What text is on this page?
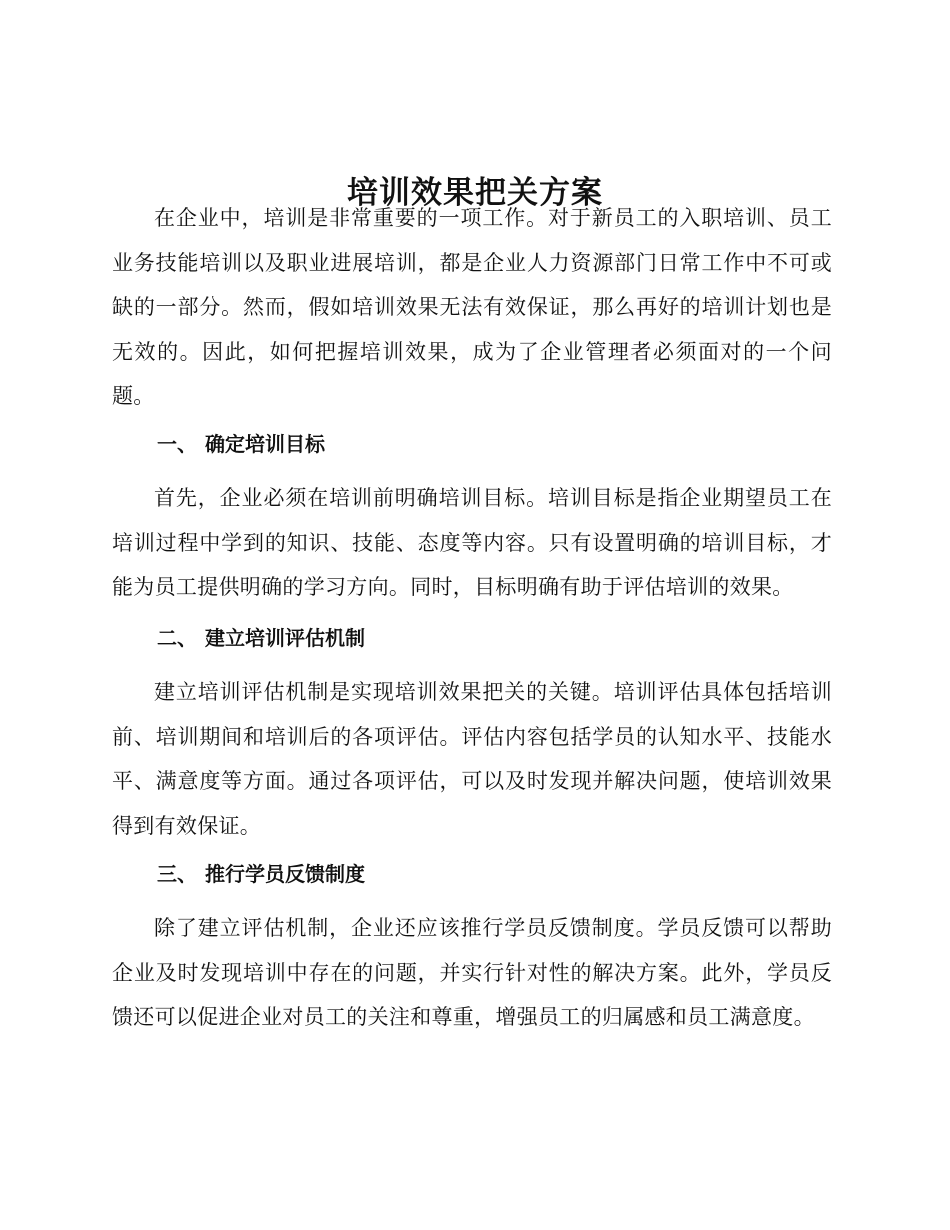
培训效果把关方案

在企业中，培训是非常重要的一项工作。对于新员工的入职培训、员工业务技能培训以及职业进展培训，都是企业人力资源部门日常工作中不可或缺的一部分。然而，假如培训效果无法有效保证，那么再好的培训计划也是无效的。因此，如何把握培训效果，成为了企业管理者必须面对的一个问题。

一、 确定培训目标

首先，企业必须在培训前明确培训目标。培训目标是指企业期望员工在培训过程中学到的知识、技能、态度等内容。只有设置明确的培训目标，才能为员工提供明确的学习方向。同时，目标明确有助于评估培训的效果。

二、 建立培训评估机制

建立培训评估机制是实现培训效果把关的关键。培训评估具体包括培训前、培训期间和培训后的各项评估。评估内容包括学员的认知水平、技能水平、满意度等方面。通过各项评估，可以及时发现并解决问题，使培训效果得到有效保证。

三、 推行学员反馈制度

除了建立评估机制，企业还应该推行学员反馈制度。学员反馈可以帮助企业及时发现培训中存在的问题，并实行针对性的解决方案。此外，学员反馈还可以促进企业对员工的关注和尊重，增强员工的归属感和员工满意度。
